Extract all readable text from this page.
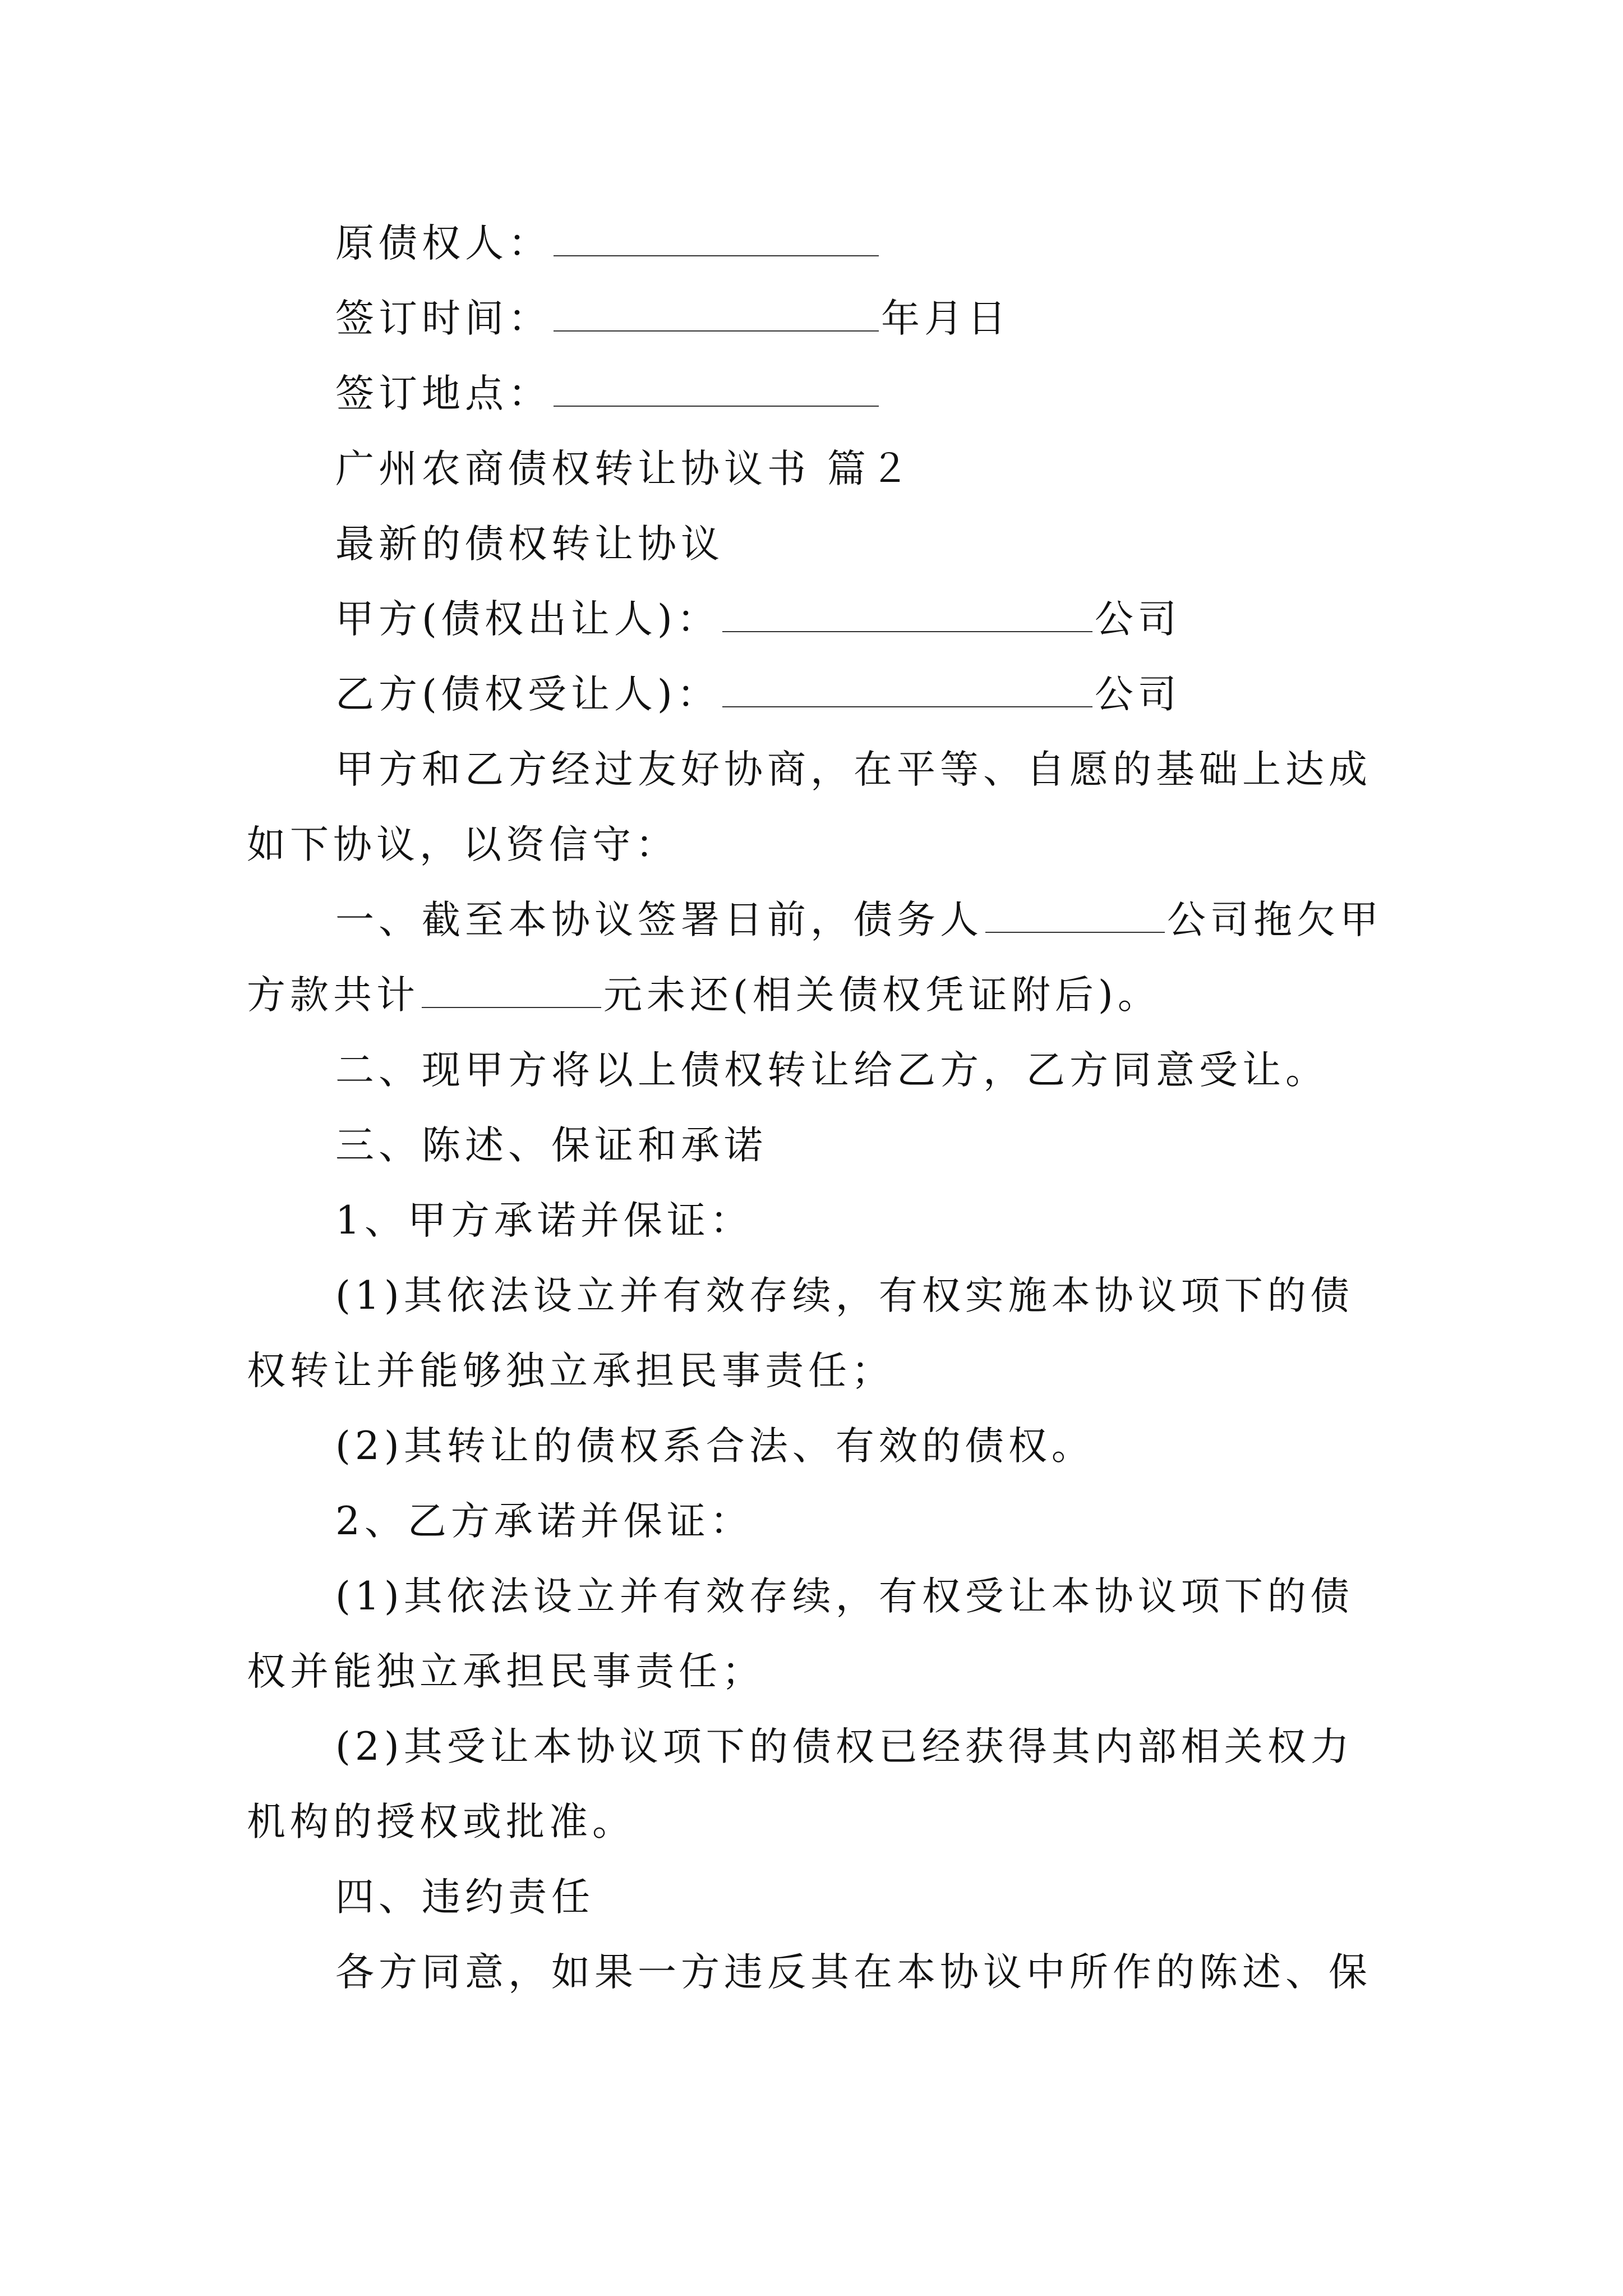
原债权人：
签订时间：	年月日
签订地点：
广州农商债权转让协议书 篇２
最新的债权转让协议
甲方(债权出让人)：	公司
乙方(债权受让人)：	公司
甲方和乙方经过友好协商，在平等、自愿的基础上达成
如下协议，以资信守：
一、截至本协议签署日前，债务人	公司拖欠甲
方款共计	元未还(相关债权凭证附后)。
二、现甲方将以上债权转让给乙方，乙方同意受让。
三、陈述、保证和承诺
1、甲方承诺并保证：
(1)其依法设立并有效存续，有权实施本协议项下的债
权转让并能够独立承担民事责任；
(2)其转让的债权系合法、有效的债权。
2、乙方承诺并保证：
(1)其依法设立并有效存续，有权受让本协议项下的债
权并能独立承担民事责任；
(2)其受让本协议项下的债权已经获得其内部相关权力
机构的授权或批准。
四、违约责任
各方同意，如果一方违反其在本协议中所作的陈述、保
